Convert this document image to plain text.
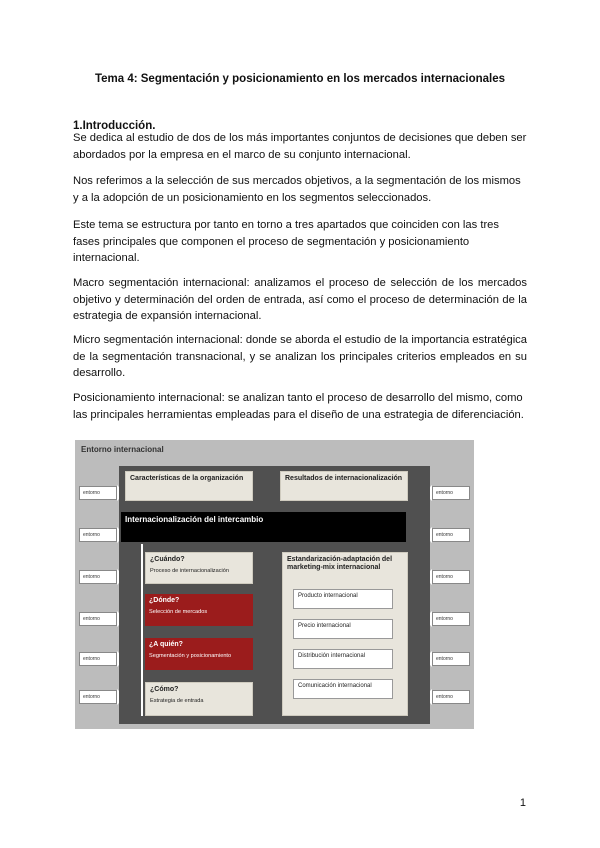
Tema 4: Segmentación y posicionamiento en los mercados internacionales
1.Introducción.

Se dedica al estudio de dos de los más importantes conjuntos de decisiones que deben ser abordados por la empresa en el marco de su conjunto internacional.

Nos referimos a la selección de sus mercados objetivos, a la segmentación de los mismos y a la adopción de un posicionamiento en los segmentos seleccionados.

Este tema se estructura por tanto en torno a tres apartados que coinciden con las tres fases principales que componen el proceso de segmentación y posicionamiento internacional.

Macro segmentación internacional: analizamos el proceso de selección de los mercados objetivo y determinación del orden de entrada, así como el proceso de determinación de la estrategia de expansión internacional.

Micro segmentación internacional: donde se aborda el estudio de la importancia estratégica de la segmentación transnacional, y se analizan los principales criterios empleados en su desarrollo.

Posicionamiento internacional: se analizan tanto el proceso de desarrollo del mismo, como las principales herramientas empleadas para el diseño de una estrategia de diferenciación.

Entorno internacional
entorno
entorno
entorno
entorno
entorno
entorno
entorno
entorno
entorno
entorno
entorno
entorno
Características de la organización	Resultados de internacionalización
Internacionalización del intercambio
¿Cuándo?
Proceso de internacionalización
¿Dónde?
Selección de mercados
¿A quién?
Segmentación y posicionamiento
¿Cómo?
Estrategia de entrada
Estandarización-adaptación del marketing-mix internacional
Producto internacional
Precio internacional
Distribución internacional
Comunicación internacional
1
